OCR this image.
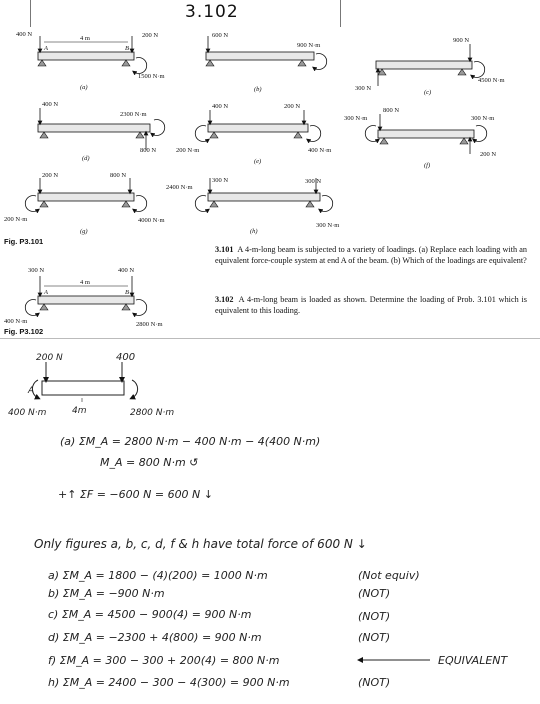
3.102
400 N
4 m	200 N
A	B
1500 N·m
(a)
600 N
900 N·m
(b)
900 N
300 N
4500 N·m
(c)
400 N
2300 N·m
800 N
(d)
400 N	200 N
200 N·m	400 N·m
(e)
800 N
300 N·m	300 N·m
200 N
(f)
200 N	800 N
200 N·m	4000 N·m
(g)
2400 N·m
300 N	300 N
300 N·m
(h)
300 N
4 m
400 N
A	B
400 N·m	2800 N·m
Fig. P3.101
Fig. P3.102
3.101 A 4-m-long beam is subjected to a variety of loadings. (a) Replace each loading with an equivalent force-couple system at end A of the beam. (b) Which of the loadings are equivalent?
3.102 A 4-m-long beam is loaded as shown. Determine the loading of Prob. 3.101 which is equivalent to this loading.
200 N	400
A
400 N·m	4m	2800 N·m
(a) ΣM_A = 2800 N·m − 400 N·m − 4(400 N·m)
M_A = 800 N·m ↺
+↑ ΣF = −600 N = 600 N ↓
Only figures a, b, c, d, f & h have total force of 600 N ↓
a) ΣM_A = 1800 − (4)(200) = 1000 N·m	(Not equiv)
b) ΣM_A = −900 N·m	(NOT)
c) ΣM_A = 4500 − 900(4) = 900 N·m	(NOT)
d) ΣM_A = −2300 + 4(800) = 900 N·m	(NOT)
f) ΣM_A = 300 − 300 + 200(4) = 800 N·m	EQUIVALENT
h) ΣM_A = 2400 − 300 − 4(300) = 900 N·m	(NOT)
